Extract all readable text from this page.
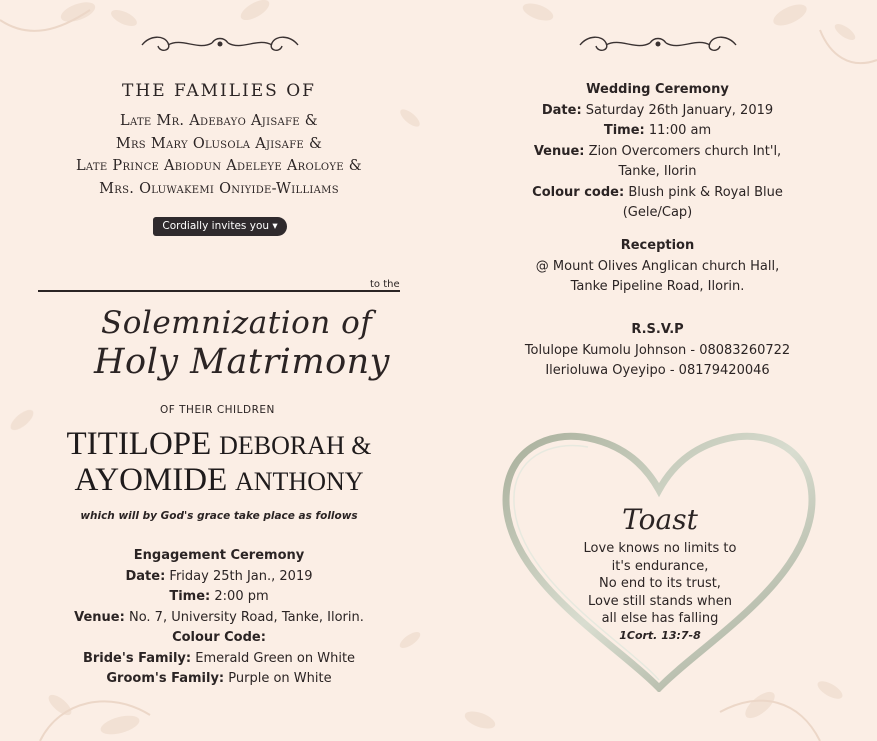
THE FAMILIES OF
Late Mr. Adebayo Ajisafe &
Mrs Mary Olusola Ajisafe &
Late Prince Abiodun Adeleye Aroloye &
Mrs. Oluwakemi Oniyide-Williams
Cordially invites you ▾
to the
Solemnization of
Holy Matrimony
OF THEIR CHILDREN
TITILOPE DEBORAH &
AYOMIDE ANTHONY
which will by God's grace take place as follows
Engagement Ceremony
Date: Friday 25th Jan., 2019
Time: 2:00 pm
Venue: No. 7, University Road, Tanke, Ilorin.
Colour Code:
Bride's Family: Emerald Green on White
Groom's Family: Purple on White
Wedding Ceremony
Date: Saturday 26th January, 2019
Time: 11:00 am
Venue: Zion Overcomers church Int'l,
Tanke, Ilorin
Colour code: Blush pink & Royal Blue
(Gele/Cap)
Reception
@ Mount Olives Anglican church Hall,
Tanke Pipeline Road, Ilorin.
R.S.V.P
Tolulope Kumolu Johnson - 08083260722
Ilerioluwa Oyeyipo - 08179420046
Toast
Love knows no limits to
it's endurance,
No end to its trust,
Love still stands when
all else has falling
1Cort. 13:7-8
